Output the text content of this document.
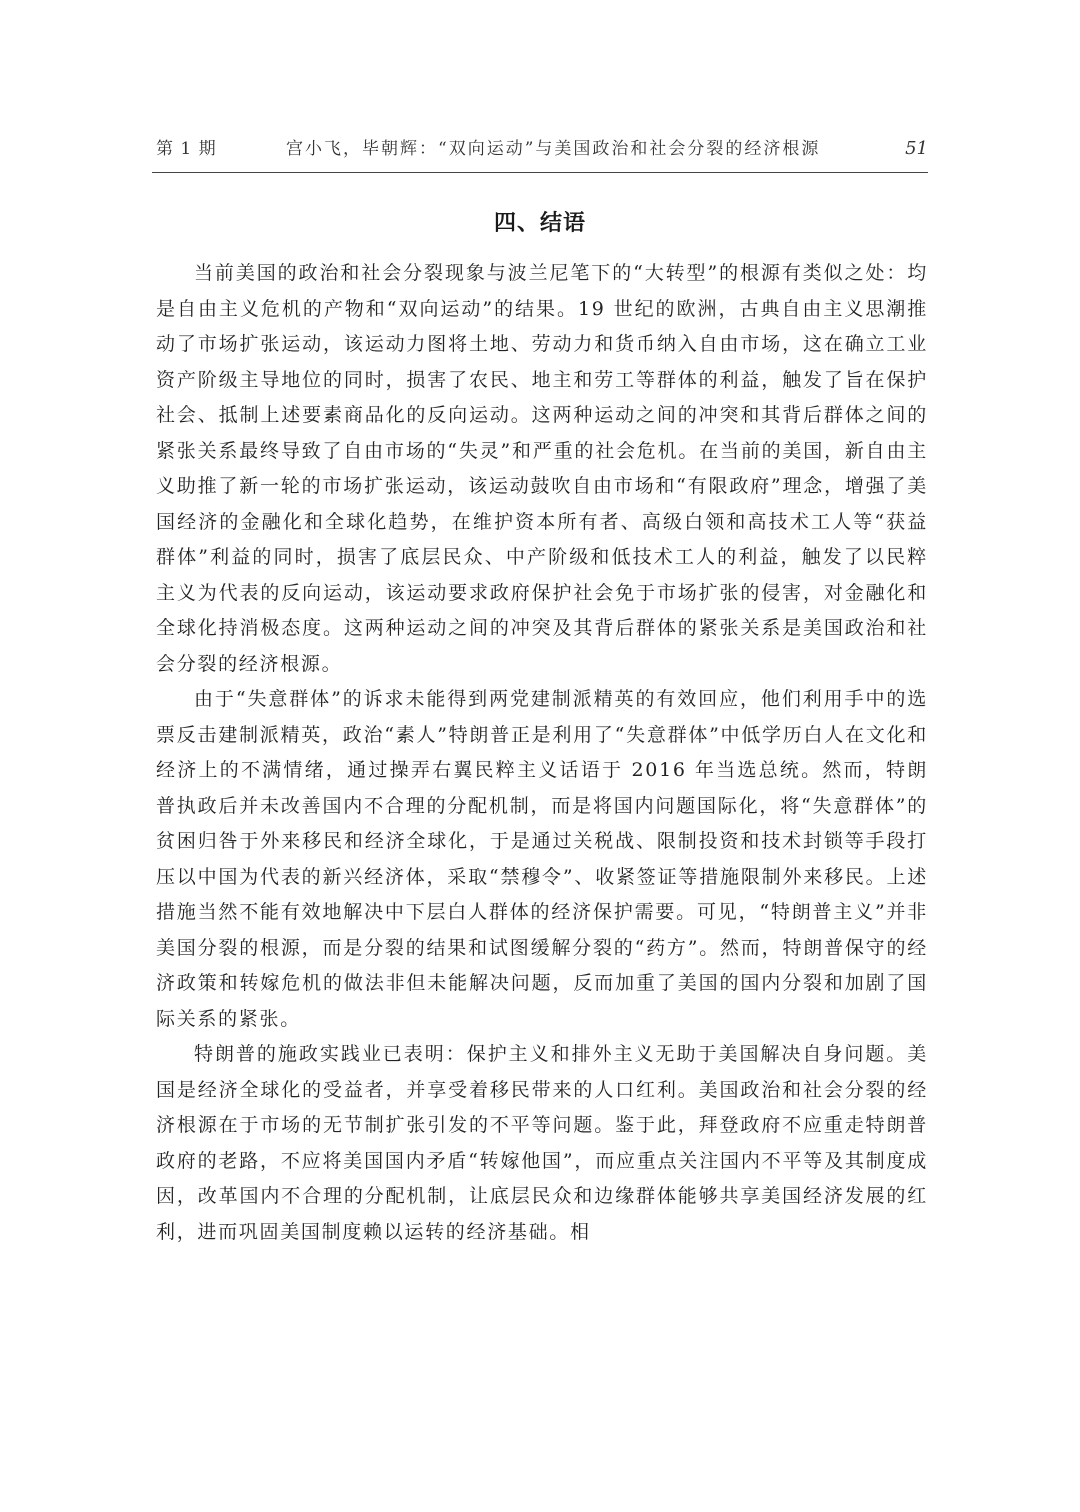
第 1 期	宫小飞，毕朝辉：“双向运动”与美国政治和社会分裂的经济根源	51
四、结语

当前美国的政治和社会分裂现象与波兰尼笔下的“大转型”的根源有类似之处：均是自由主义危机的产物和“双向运动”的结果。19 世纪的欧洲，古典自由主义思潮推动了市场扩张运动，该运动力图将土地、劳动力和货币纳入自由市场，这在确立工业资产阶级主导地位的同时，损害了农民、地主和劳工等群体的利益，触发了旨在保护社会、抵制上述要素商品化的反向运动。这两种运动之间的冲突和其背后群体之间的紧张关系最终导致了自由市场的“失灵”和严重的社会危机。在当前的美国，新自由主义助推了新一轮的市场扩张运动，该运动鼓吹自由市场和“有限政府”理念，增强了美国经济的金融化和全球化趋势，在维护资本所有者、高级白领和高技术工人等“获益群体”利益的同时，损害了底层民众、中产阶级和低技术工人的利益，触发了以民粹主义为代表的反向运动，该运动要求政府保护社会免于市场扩张的侵害，对金融化和全球化持消极态度。这两种运动之间的冲突及其背后群体的紧张关系是美国政治和社会分裂的经济根源。

由于“失意群体”的诉求未能得到两党建制派精英的有效回应，他们利用手中的选票反击建制派精英，政治“素人”特朗普正是利用了“失意群体”中低学历白人在文化和经济上的不满情绪，通过操弄右翼民粹主义话语于 2016 年当选总统。然而，特朗普执政后并未改善国内不合理的分配机制，而是将国内问题国际化，将“失意群体”的贫困归咎于外来移民和经济全球化，于是通过关税战、限制投资和技术封锁等手段打压以中国为代表的新兴经济体，采取“禁穆令”、收紧签证等措施限制外来移民。上述措施当然不能有效地解决中下层白人群体的经济保护需要。可见，“特朗普主义”并非美国分裂的根源，而是分裂的结果和试图缓解分裂的“药方”。然而，特朗普保守的经济政策和转嫁危机的做法非但未能解决问题，反而加重了美国的国内分裂和加剧了国际关系的紧张。

特朗普的施政实践业已表明：保护主义和排外主义无助于美国解决自身问题。美国是经济全球化的受益者，并享受着移民带来的人口红利。美国政治和社会分裂的经济根源在于市场的无节制扩张引发的不平等问题。鉴于此，拜登政府不应重走特朗普政府的老路，不应将美国国内矛盾“转嫁他国”，而应重点关注国内不平等及其制度成因，改革国内不合理的分配机制，让底层民众和边缘群体能够共享美国经济发展的红利，进而巩固美国制度赖以运转的经济基础。相
